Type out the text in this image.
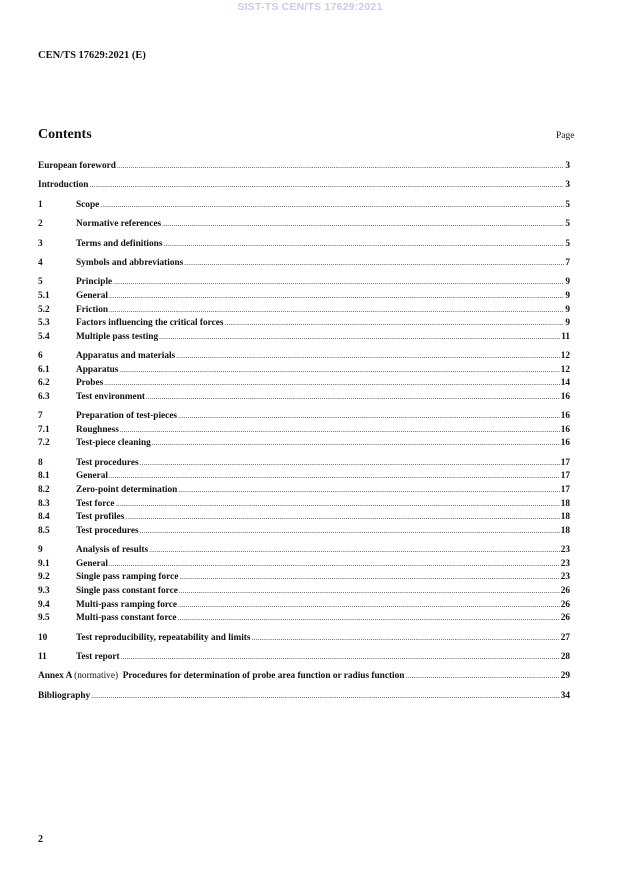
SIST-TS CEN/TS 17629:2021
CEN/TS 17629:2021 (E)
Contents	Page
European foreword .....	3
Introduction .....	3
1	Scope .....	5
2	Normative references .....	5
3	Terms and definitions .....	5
4	Symbols and abbreviations .....	7
5	Principle .....	9
5.1	General .....	9
5.2	Friction .....	9
5.3	Factors influencing the critical forces .....	9
5.4	Multiple pass testing .....	11
6	Apparatus and materials .....	12
6.1	Apparatus .....	12
6.2	Probes .....	14
6.3	Test environment .....	16
7	Preparation of test-pieces .....	16
7.1	Roughness .....	16
7.2	Test-piece cleaning .....	16
8	Test procedures .....	17
8.1	General .....	17
8.2	Zero-point determination .....	17
8.3	Test force .....	18
8.4	Test profiles .....	18
8.5	Test procedures .....	18
9	Analysis of results .....	23
9.1	General .....	23
9.2	Single pass ramping force .....	23
9.3	Single pass constant force .....	26
9.4	Multi-pass ramping force .....	26
9.5	Multi-pass constant force .....	26
10	Test reproducibility, repeatability and limits .....	27
11	Test report .....	28
Annex A (normative) Procedures for determination of probe area function or radius function .....	29
Bibliography .....	34
2
